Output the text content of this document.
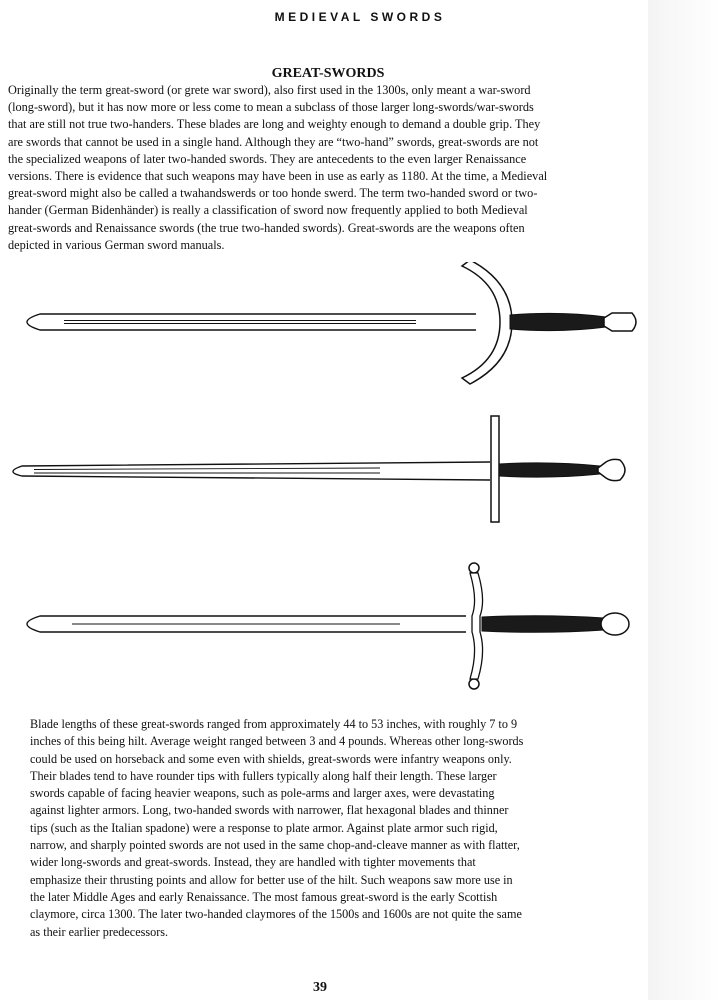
MEDIEVAL SWORDS
GREAT-SWORDS
Originally the term great-sword (or grete war sword), also first used in the 1300s, only meant a war-sword
(long-sword), but it has now more or less come to mean a subclass of those larger long-swords/war-swords
that are still not true two-handers. These blades are long and weighty enough to demand a double grip. They
are swords that cannot be used in a single hand. Although they are “two-hand” swords, great-swords are not
the specialized weapons of later two-handed swords. They are antecedents to the even larger Renaissance
versions. There is evidence that such weapons may have been in use as early as 1180. At the time, a Medieval
great-sword might also be called a twahandswerds or too honde swerd. The term two-handed sword or two-
hander (German Bidenhänder) is really a classification of sword now frequently applied to both Medieval
great-swords and Renaissance swords (the true two-handed swords). Great-swords are the weapons often
depicted in various German sword manuals.
Blade lengths of these great-swords ranged from approximately 44 to 53 inches, with roughly 7 to 9
inches of this being hilt. Average weight ranged between 3 and 4 pounds. Whereas other long-swords
could be used on horseback and some even with shields, great-swords were infantry weapons only.
Their blades tend to have rounder tips with fullers typically along half their length. These larger
swords capable of facing heavier weapons, such as pole-arms and larger axes, were devastating
against lighter armors. Long, two-handed swords with narrower, flat hexagonal blades and thinner
tips (such as the Italian spadone) were a response to plate armor. Against plate armor such rigid,
narrow, and sharply pointed swords are not used in the same chop-and-cleave manner as with flatter,
wider long-swords and great-swords. Instead, they are handled with tighter movements that
emphasize their thrusting points and allow for better use of the hilt. Such weapons saw more use in
the later Middle Ages and early Renaissance. The most famous great-sword is the early Scottish
claymore, circa 1300. The later two-handed claymores of the 1500s and 1600s are not quite the same
as their earlier predecessors.
39
